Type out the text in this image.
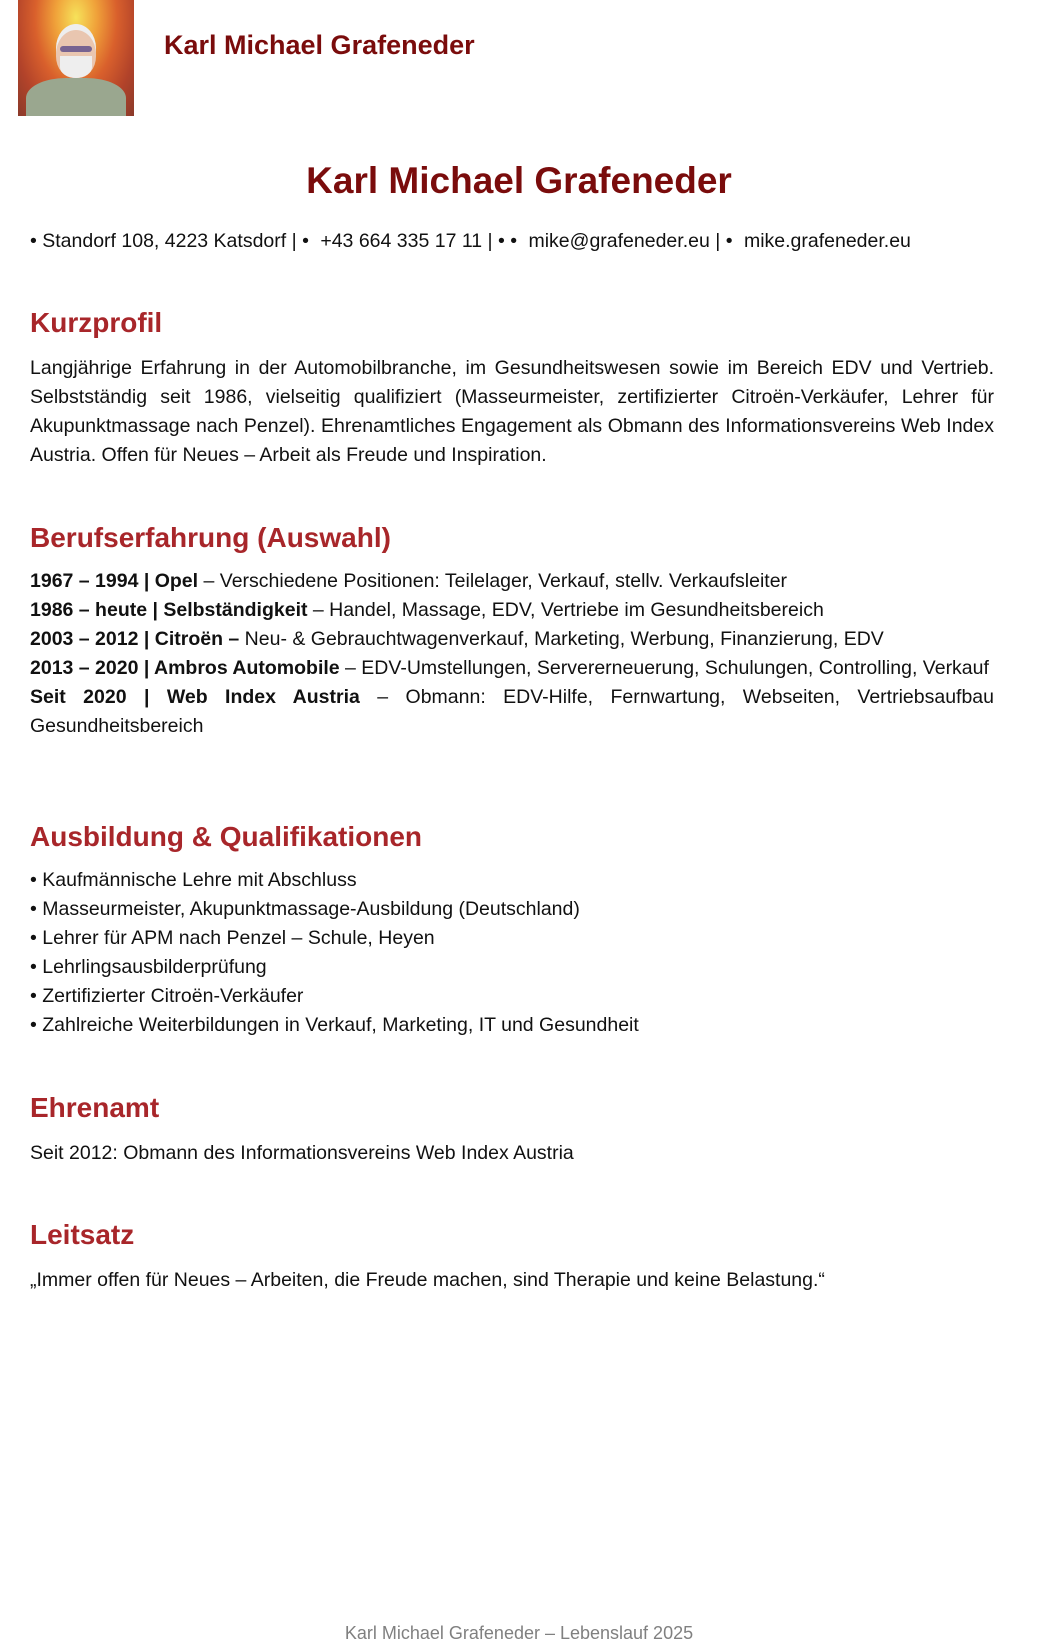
Karl Michael Grafeneder
Karl Michael Grafeneder
• Standorf 108, 4223 Katsdorf | • +43 664 335 17 11 | • • mike@grafeneder.eu | • mike.grafeneder.eu
Kurzprofil
Langjährige Erfahrung in der Automobilbranche, im Gesundheitswesen sowie im Bereich EDV und Vertrieb. Selbstständig seit 1986, vielseitig qualifiziert (Masseurmeister, zertifizierter Citroën-Verkäufer, Lehrer für Akupunktmassage nach Penzel). Ehrenamtliches Engagement als Obmann des Informationsvereins Web Index Austria. Offen für Neues – Arbeit als Freude und Inspiration.
Berufserfahrung (Auswahl)
1967 – 1994 | Opel – Verschiedene Positionen: Teilelager, Verkauf, stellv. Verkaufsleiter
1986 – heute | Selbständigkeit – Handel, Massage, EDV, Vertriebe im Gesundheitsbereich
2003 – 2012 | Citroën – Neu- & Gebrauchtwagenverkauf, Marketing, Werbung, Finanzierung, EDV
2013 – 2020 | Ambros Automobile – EDV-Umstellungen, Servererneuerung, Schulungen, Controlling, Verkauf
Seit 2020 | Web Index Austria – Obmann: EDV-Hilfe, Fernwartung, Webseiten, Vertriebsaufbau Gesundheitsbereich
Ausbildung & Qualifikationen
• Kaufmännische Lehre mit Abschluss
• Masseurmeister, Akupunktmassage-Ausbildung (Deutschland)
• Lehrer für APM nach Penzel – Schule, Heyen
• Lehrlingsausbilderprüfung
• Zertifizierter Citroën-Verkäufer
• Zahlreiche Weiterbildungen in Verkauf, Marketing, IT und Gesundheit
Ehrenamt
Seit 2012: Obmann des Informationsvereins Web Index Austria
Leitsatz
„Immer offen für Neues – Arbeiten, die Freude machen, sind Therapie und keine Belastung.“
Karl Michael Grafeneder – Lebenslauf 2025
